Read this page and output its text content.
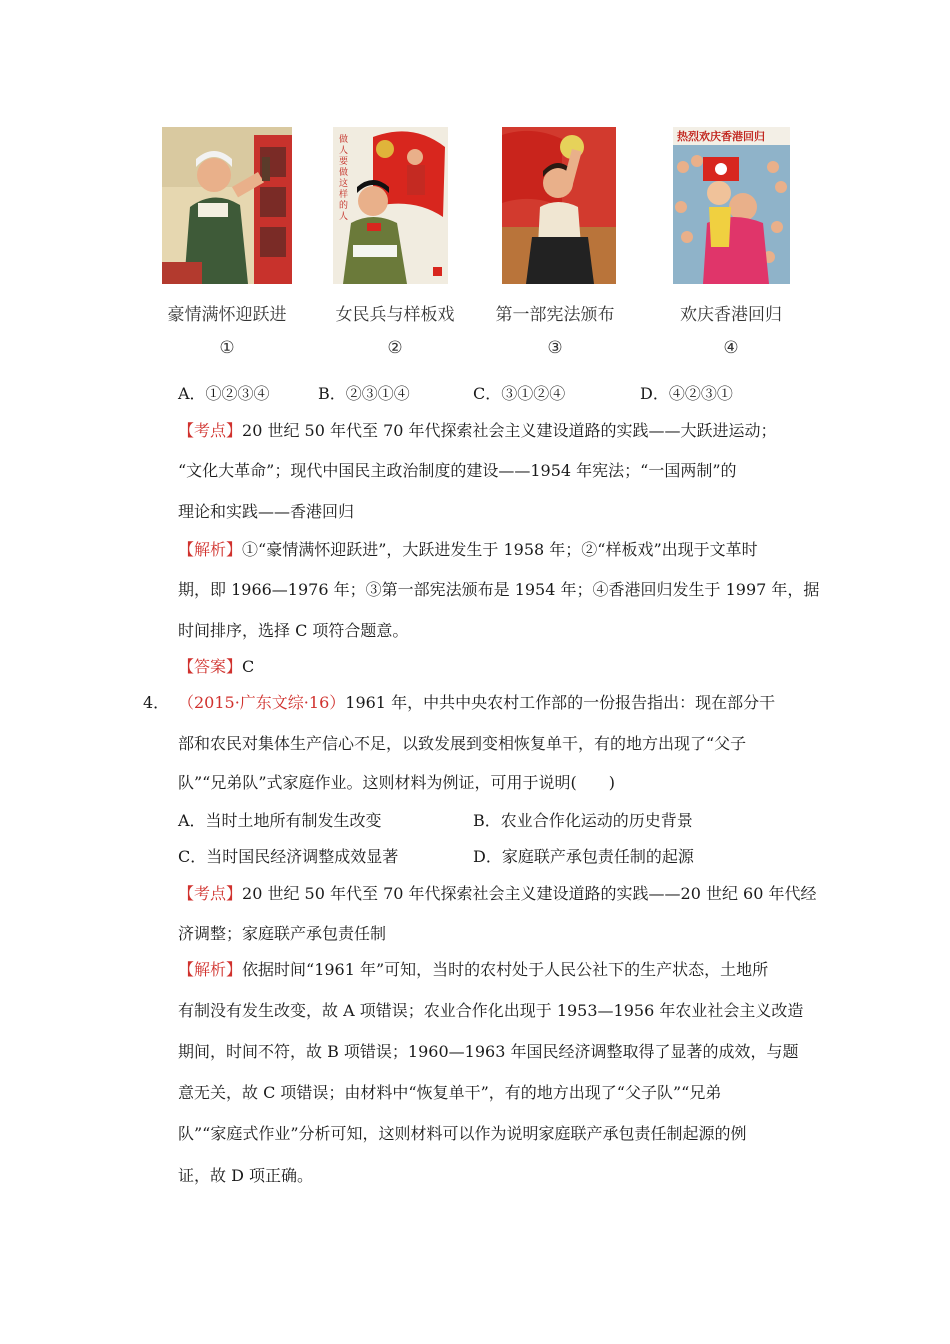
做人要做这样的人
热烈欢庆香港回归
豪情满怀迎跃进	女民兵与样板戏 第一部宪法颁布	欢庆香港回归
①	②	③	④
A．①②③④	B．②③①④	C．③①②④	D．④②③①
【考点】20 世纪 50 年代至 70 年代探索社会主义建设道路的实践——大跃进运动；
“文化大革命”；现代中国民主政治制度的建设——1954 年宪法；“一国两制”的
理论和实践——香港回归
【解析】①“豪情满怀迎跃进”，大跃进发生于 1958 年；②“样板戏”出现于文革时
期，即 1966—1976 年；③第一部宪法颁布是 1954 年；④香港回归发生于 1997 年，据
时间排序，选择 C 项符合题意。
【答案】C
4． （2015·广东文综·16）1961 年，中共中央农村工作部的一份报告指出：现在部分干
部和农民对集体生产信心不足，以致发展到变相恢复单干，有的地方出现了“父子
队”“兄弟队”式家庭作业。这则材料为例证，可用于说明(　　)
A．当时土地所有制发生改变	B．农业合作化运动的历史背景
C．当时国民经济调整成效显著	D．家庭联产承包责任制的起源
【考点】20 世纪 50 年代至 70 年代探索社会主义建设道路的实践——20 世纪 60 年代经
济调整；家庭联产承包责任制
【解析】依据时间“1961 年”可知，当时的农村处于人民公社下的生产状态，土地所
有制没有发生改变，故 A 项错误；农业合作化出现于 1953—1956 年农业社会主义改造
期间，时间不符，故 B 项错误；1960—1963 年国民经济调整取得了显著的成效，与题
意无关，故 C 项错误；由材料中“恢复单干”，有的地方出现了“父子队”“兄弟
队”“家庭式作业”分析可知，这则材料可以作为说明家庭联产承包责任制起源的例
证，故 D 项正确。
